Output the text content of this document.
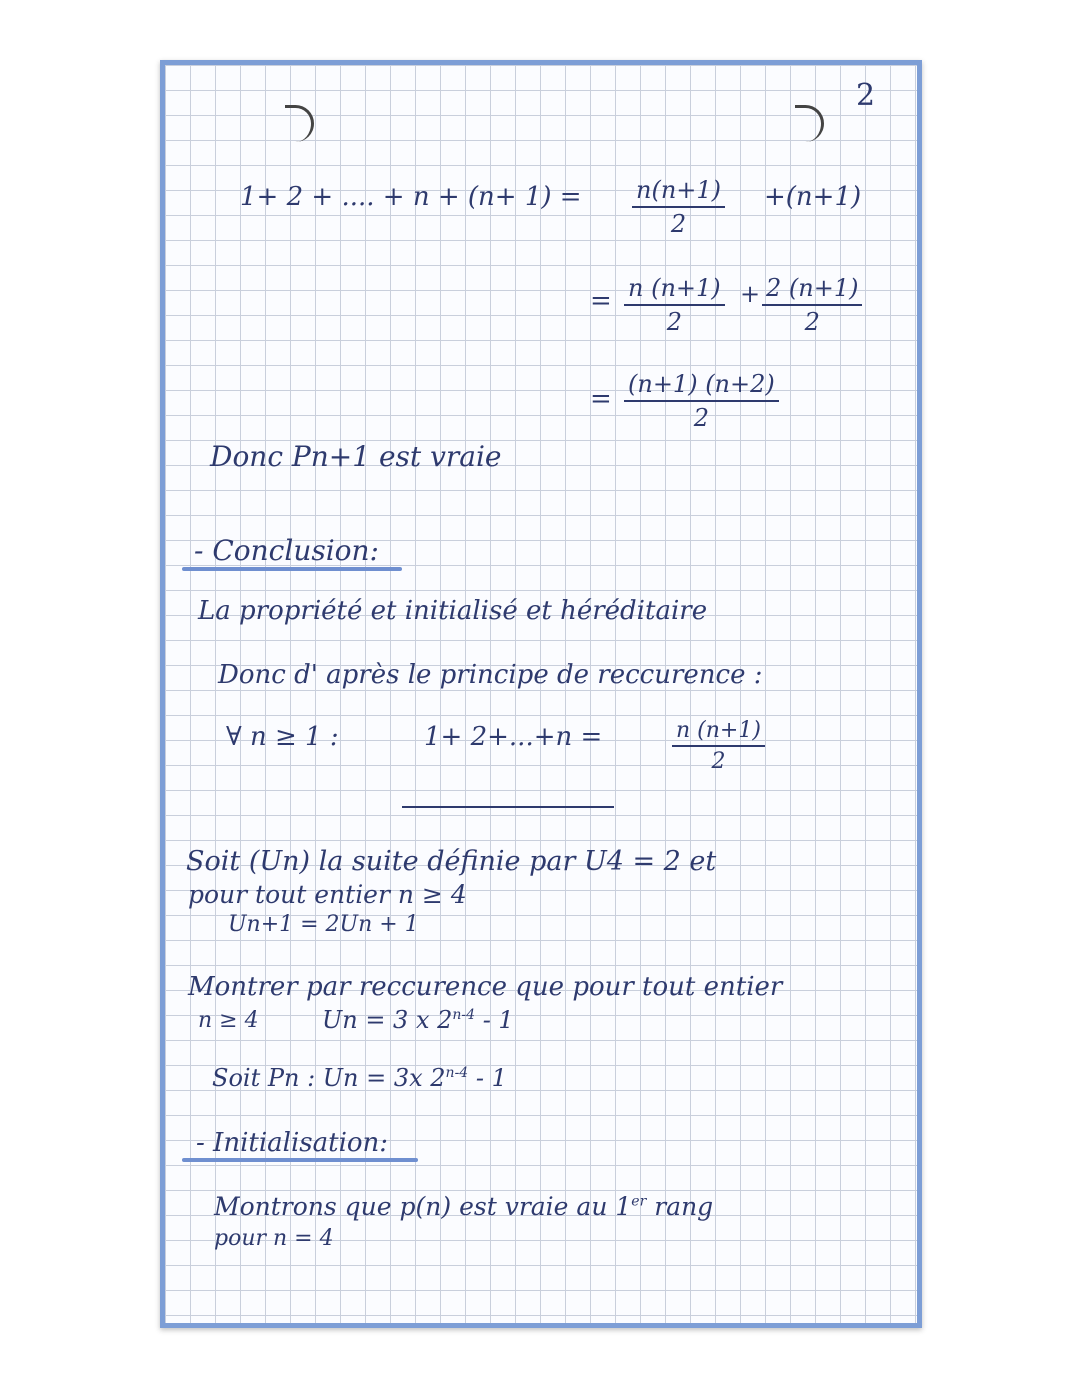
2
1+ 2 + .... + $n + (n+ 1) = \frac{n(n+1)}{2} +(n+1)$
= $\frac{n (n+1)}{2} + \frac{2 (n+1)}{2}$
= $\frac{(n+1) (n+2)}{2}$
Donc Pn+1 est vraie
- Conclusion:
La propriété et initialisé et héréditaire
Donc d' après le principe de reccurence :
∀ n ≥ 1 :	1+ 2+...+n =	$\frac{n (n+1)}{2}$
Soit (Un) la suite définie par U4 = 2 et
pour tout entier n ≥ 4
Un+1 = 2Un + 1
Montrer par reccurence que pour tout entier
n ≥ 4	Un = 3 x 2$^{n-4}$ - 1
Soit Pn : Un = 3x 2$^{n-4}$ - 1
- Initialisation:
Montrons que p(n) est vraie au 1er rang
pour n = 4
